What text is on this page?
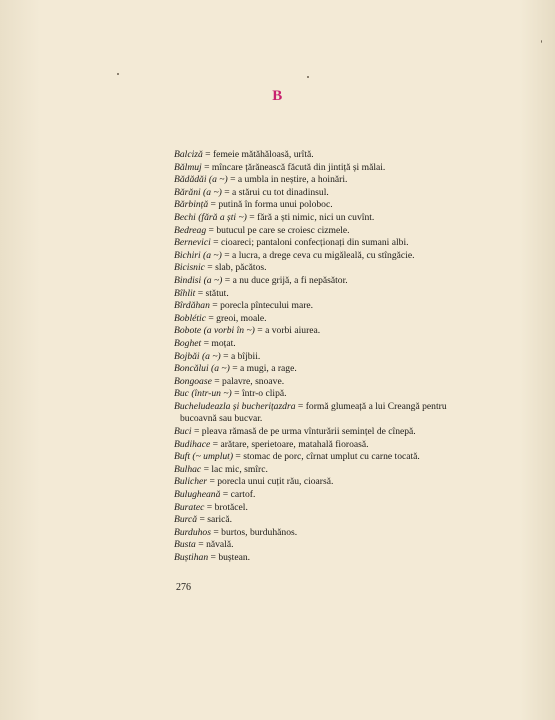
B
Balciză = femeie mătăhăloasă, urîtă.
Bălmuj = mîncare țărănească făcută din jintiță și mălai.
Bădădăi (a ~) = a umbla in neștire, a hoinări.
Bărăni (a ~) = a stărui cu tot dinadinsul.
Bărbință = putină în forma unui poloboc.
Bechi (fără a ști ~) = fără a ști nimic, nici un cuvînt.
Bedreag = butucul pe care se croiesc cizmele.
Bernevici = cioareci; pantaloni confecționați din sumani albi.
Bichiri (a ~) = a lucra, a drege ceva cu migăleală, cu stîngăcie.
Bicisnic = slab, păcătos.
Bindisi (a ~) = a nu duce grijă, a fi nepăsător.
Bîhlit = stătut.
Bîrdăhan = porecla pîntecului mare.
Boblétic = greoi, moale.
Bobote (a vorbi în ~) = a vorbi aiurea.
Boghet = moțat.
Bojbăi (a ~) = a bîjbii.
Boncălui (a ~) = a mugi, a rage.
Bongoase = palavre, snoave.
Buc (într-un ~) = într-o clipă.
Bucheludeazla și bucherițazdra = formă glumeață a lui Creangă pentru
bucoavnă sau bucvar.
Buci = pleava rămasă de pe urma vînturării semințel de cînepă.
Budihace = arătare, sperietoare, matahală fioroasă.
Buft (~ umplut) = stomac de porc, cîrnat umplut cu carne tocată.
Bulhac = lac mic, smîrc.
Bulicher = porecla unui cuțit rău, cioarsă.
Bulugheană = cartof.
Buratec = brotăcel.
Burcă = sarică.
Burduhos = burtos, burduhănos.
Busta = năvală.
Buștihan = buștean.
276
